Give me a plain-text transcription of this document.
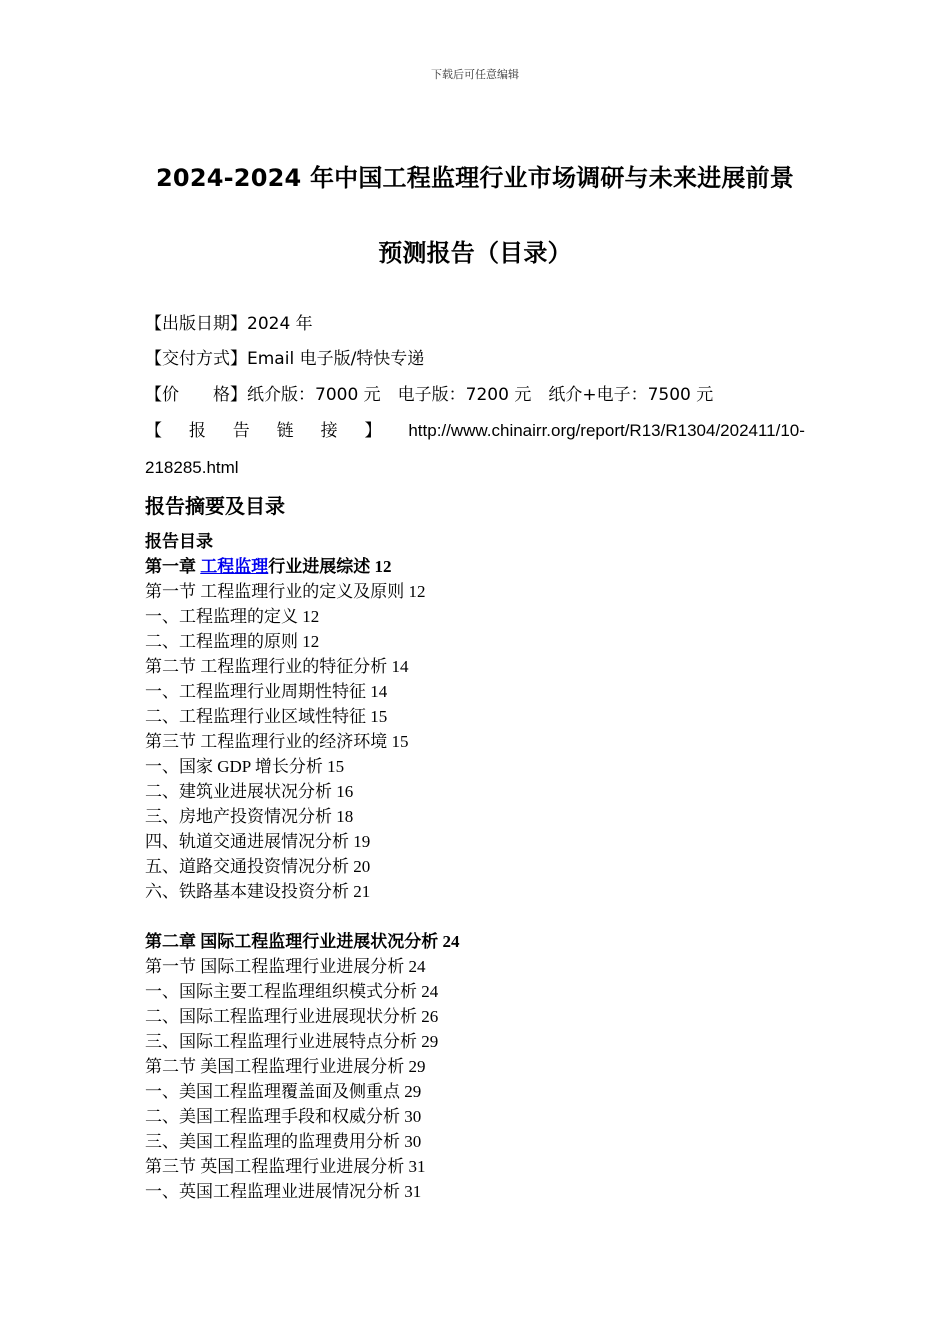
下载后可任意编辑
2024-2024 年中国工程监理行业市场调研与未来进展前景
预测报告（目录）
【出版日期】2024 年
【交付方式】Email 电子版/特快专递
【价　　格】纸介版：7000 元　电子版：7200 元　纸介+电子：7500 元
【 报 告 链 接 】 http://www.chinairr.org/report/R13/R1304/202411/10-
218285.html
报告摘要及目录
报告目录
第一章 工程监理行业进展综述 12
第一节 工程监理行业的定义及原则 12
一、工程监理的定义 12
二、工程监理的原则 12
第二节 工程监理行业的特征分析 14
一、工程监理行业周期性特征 14
二、工程监理行业区域性特征 15
第三节 工程监理行业的经济环境 15
一、国家 GDP 增长分析 15
二、建筑业进展状况分析 16
三、房地产投资情况分析 18
四、轨道交通进展情况分析 19
五、道路交通投资情况分析 20
六、铁路基本建设投资分析 21
第二章 国际工程监理行业进展状况分析 24
第一节 国际工程监理行业进展分析 24
一、国际主要工程监理组织模式分析 24
二、国际工程监理行业进展现状分析 26
三、国际工程监理行业进展特点分析 29
第二节 美国工程监理行业进展分析 29
一、美国工程监理覆盖面及侧重点 29
二、美国工程监理手段和权威分析 30
三、美国工程监理的监理费用分析 30
第三节 英国工程监理行业进展分析 31
一、英国工程监理业进展情况分析 31
